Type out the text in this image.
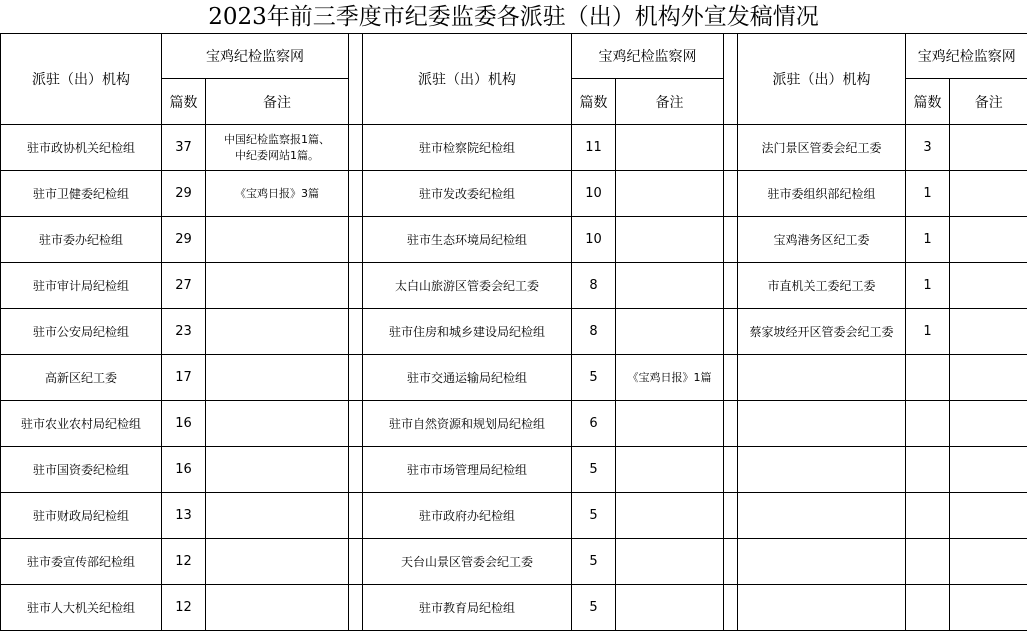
2023年前三季度市纪委监委各派驻（出）机构外宣发稿情况
派驻（出）机构	宝鸡纪检监察网			派驻（出）机构	宝鸡纪检监察网			派驻（出）机构	宝鸡纪检监察网	
	篇数	备注			篇数	备注			篇数	备注
驻市政协机关纪检组	37	中国纪检监察报1篇、
中纪委网站1篇。		驻市检察院纪检组	11			法门景区管委会纪工委	3	
驻市卫健委纪检组	29	《宝鸡日报》3篇		驻市发改委纪检组	10			驻市委组织部纪检组	1	
驻市委办纪检组	29			驻市生态环境局纪检组	10			宝鸡港务区纪工委	1	
驻市审计局纪检组	27			太白山旅游区管委会纪工委	8			市直机关工委纪工委	1	
驻市公安局纪检组	23			驻市住房和城乡建设局纪检组	8			蔡家坡经开区管委会纪工委	1	
高新区纪工委	17			驻市交通运输局纪检组	5	《宝鸡日报》1篇				

驻市农业农村局纪检组	16			驻市自然资源和规划局纪检组	6					
驻市国资委纪检组	16			驻市市场管理局纪检组	5					
驻市财政局纪检组	13			驻市政府办纪检组	5					
驻市委宣传部纪检组	12			天台山景区管委会纪工委	5					
驻市人大机关纪检组	12			驻市教育局纪检组	5					
